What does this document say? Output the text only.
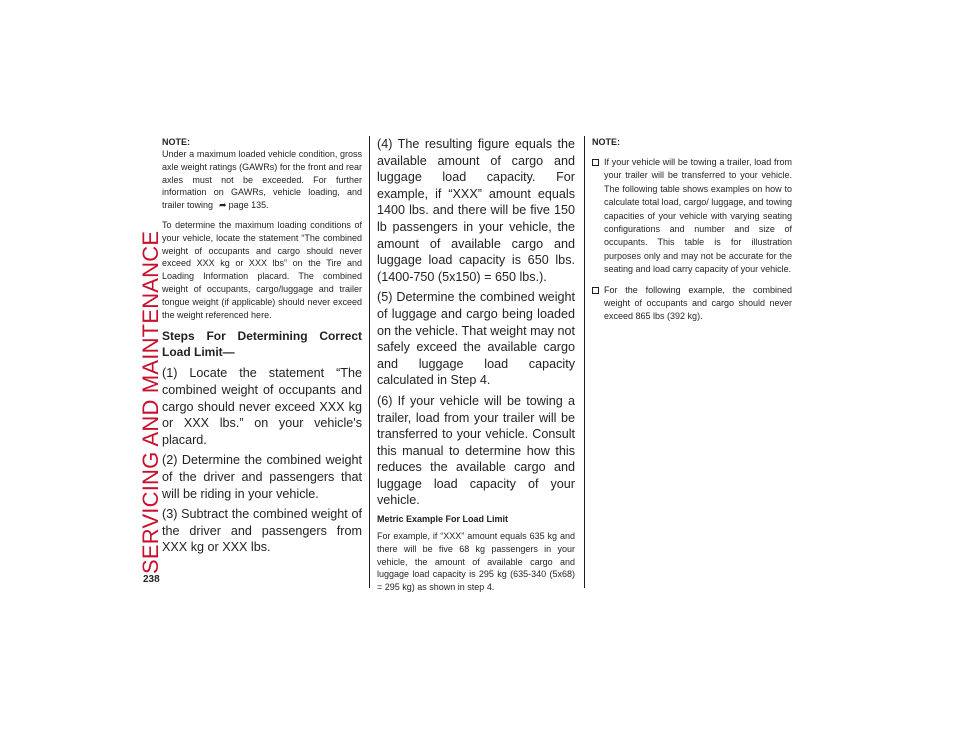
SERVICING AND MAINTENANCE
238
NOTE:

Under a maximum loaded vehicle condition, gross axle weight ratings (GAWRs) for the front and rear axles must not be exceeded. For further information on GAWRs, vehicle loading, and trailer towing ➦ page 135.

To determine the maximum loading conditions of your vehicle, locate the statement “The combined weight of occupants and cargo should never exceed XXX kg or XXX lbs” on the Tire and Loading Information placard. The combined weight of occupants, cargo/luggage and trailer tongue weight (if applicable) should never exceed the weight referenced here.

Steps For Determining Correct Load Limit—

(1) Locate the statement “The combined weight of occupants and cargo should never exceed XXX kg or XXX lbs.” on your vehicle's placard.

(2) Determine the combined weight of the driver and passengers that will be riding in your vehicle.

(3) Subtract the combined weight of the driver and passengers from XXX kg or XXX lbs.

(4) The resulting figure equals the available amount of cargo and luggage load capacity. For example, if “XXX” amount equals 1400 lbs. and there will be five 150 lb passengers in your vehicle, the amount of available cargo and luggage load capacity is 650 lbs. (1400-750 (5x150) = 650 lbs.).

(5) Determine the combined weight of luggage and cargo being loaded on the vehicle. That weight may not safely exceed the available cargo and luggage load capacity calculated in Step 4.

(6) If your vehicle will be towing a trailer, load from your trailer will be transferred to your vehicle. Consult this manual to determine how this reduces the available cargo and luggage load capacity of your vehicle.

Metric Example For Load Limit

For example, if “XXX” amount equals 635 kg and there will be five 68 kg passengers in your vehicle, the amount of available cargo and luggage load capacity is 295 kg (635-340 (5x68) = 295 kg) as shown in step 4.

NOTE:
If your vehicle will be towing a trailer, load from your trailer will be transferred to your vehicle. The following table shows examples on how to calculate total load, cargo/ luggage, and towing capacities of your vehicle with varying seating configurations and number and size of occupants. This table is for illustration purposes only and may not be accurate for the seating and load carry capacity of your vehicle.
For the following example, the combined weight of occupants and cargo should never exceed 865 lbs (392 kg).
